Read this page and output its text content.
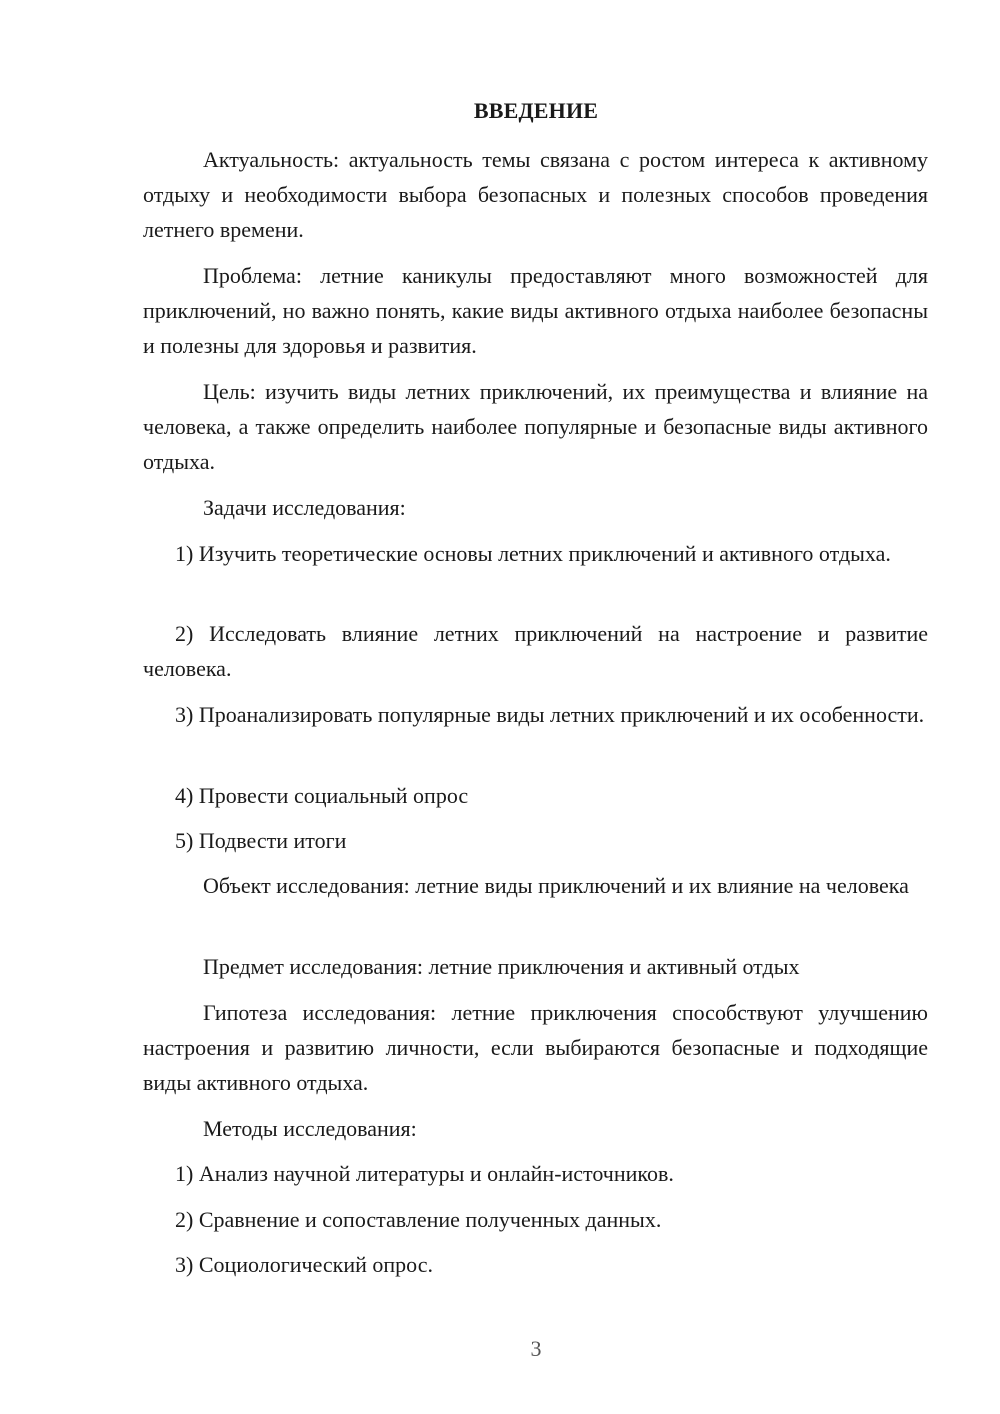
ВВЕДЕНИЕ

Актуальность: актуальность темы связана с ростом интереса к активному отдыху и необходимости выбора безопасных и полезных способов проведения летнего времени.

Проблема: летние каникулы предоставляют много возможностей для приключений, но важно понять, какие виды активного отдыха наиболее безопасны и полезны для здоровья и развития.

Цель: изучить виды летних приключений, их преимущества и влияние на человека, а также определить наиболее популярные и безопасные виды активного отдыха.

Задачи исследования:

1) Изучить теоретические основы летних приключений и активного отдыха.

2) Исследовать влияние летних приключений на настроение и развитие человека.

3) Проанализировать популярные виды летних приключений и их особенности.

4) Провести социальный опрос

5) Подвести итоги

Объект исследования: летние виды приключений и их влияние на человека

Предмет исследования: летние приключения и активный отдых

Гипотеза исследования: летние приключения способствуют улучшению настроения и развитию личности, если выбираются безопасные и подходящие виды активного отдыха.

Методы исследования:

1) Анализ научной литературы и онлайн-источников.

2) Сравнение и сопоставление полученных данных.

3) Социологический опрос.

3
